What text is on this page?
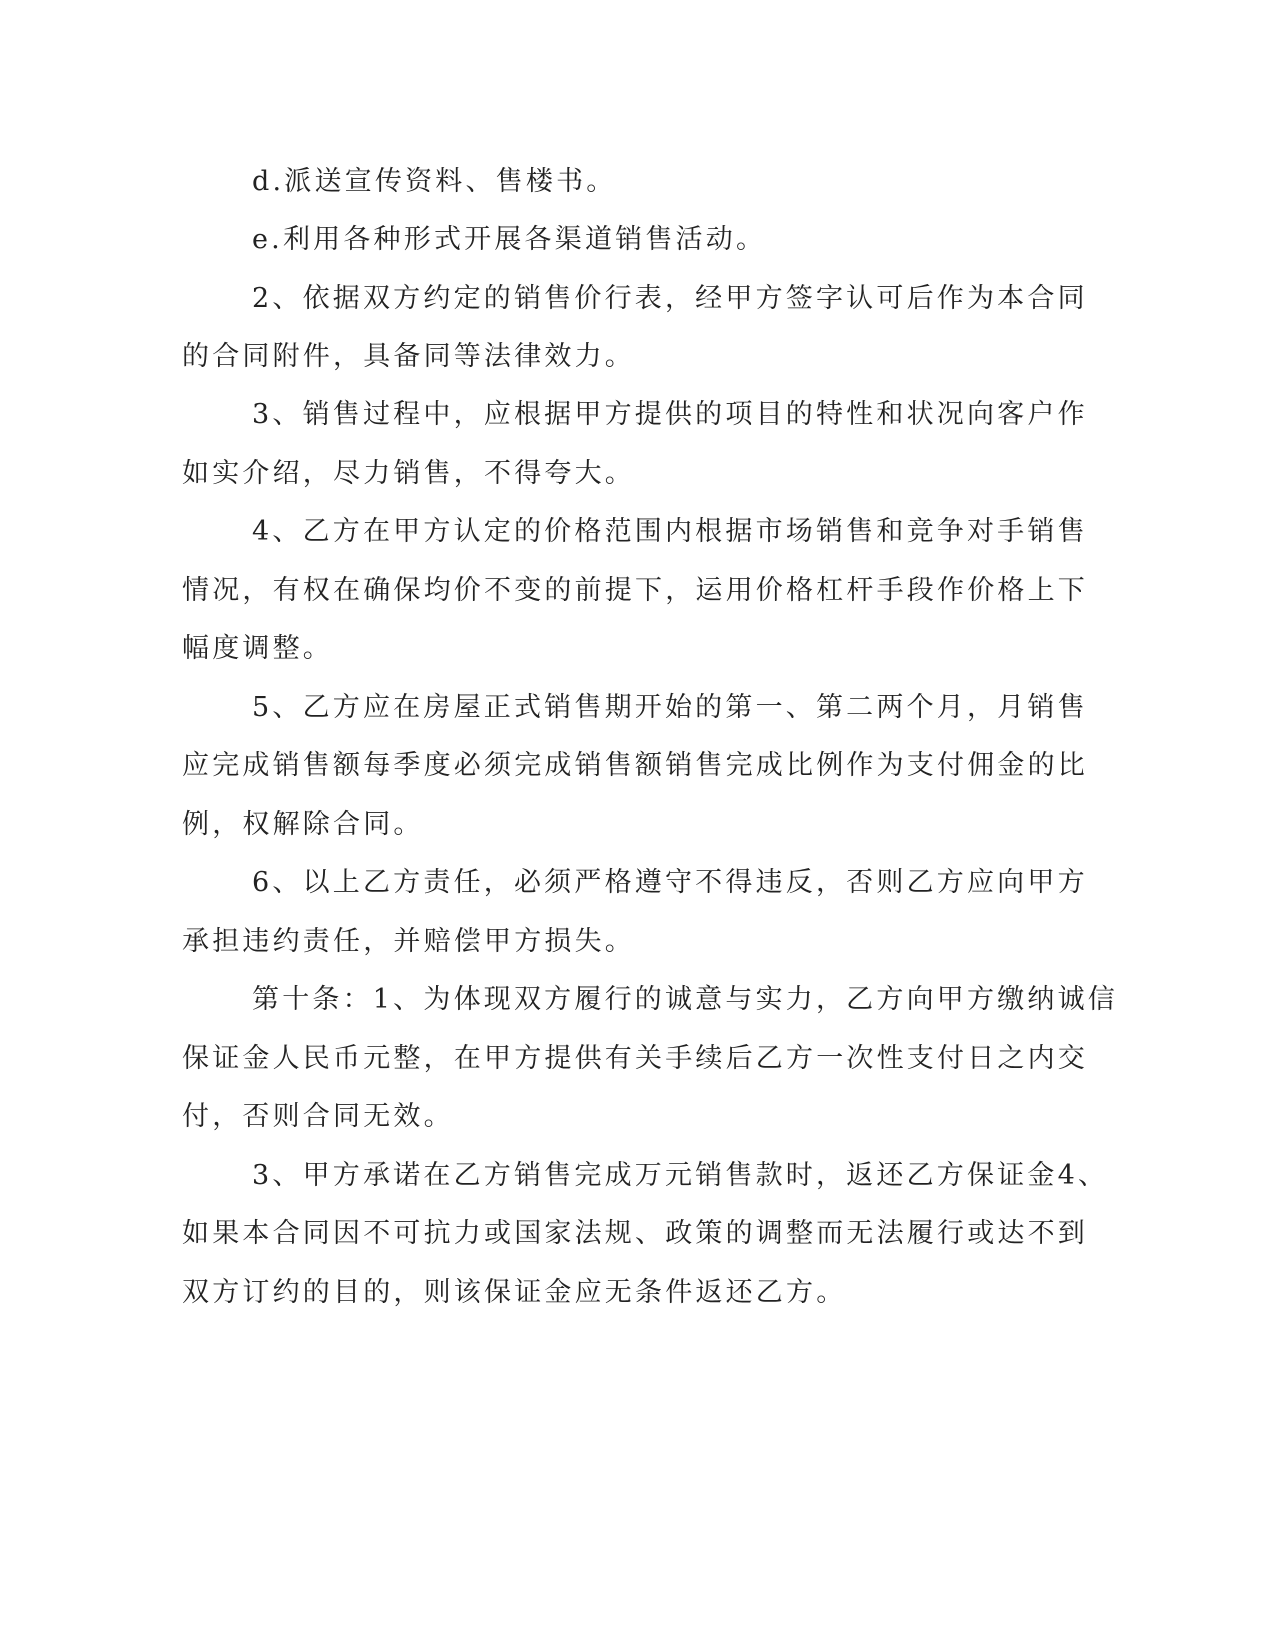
d.派送宣传资料、售楼书。
e.利用各种形式开展各渠道销售活动。
2、依据双方约定的销售价行表，经甲方签字认可后作为本合同
的合同附件，具备同等法律效力。
3、销售过程中，应根据甲方提供的项目的特性和状况向客户作
如实介绍，尽力销售，不得夸大。
4、乙方在甲方认定的价格范围内根据市场销售和竞争对手销售
情况，有权在确保均价不变的前提下，运用价格杠杆手段作价格上下
幅度调整。
5、乙方应在房屋正式销售期开始的第一、第二两个月，月销售
应完成销售额每季度必须完成销售额销售完成比例作为支付佣金的比
例，权解除合同。
6、以上乙方责任，必须严格遵守不得违反，否则乙方应向甲方
承担违约责任，并赔偿甲方损失。
第十条：1、为体现双方履行的诚意与实力，乙方向甲方缴纳诚信
保证金人民币元整，在甲方提供有关手续后乙方一次性支付日之内交
付，否则合同无效。
3、甲方承诺在乙方销售完成万元销售款时，返还乙方保证金4、
如果本合同因不可抗力或国家法规、政策的调整而无法履行或达不到
双方订约的目的，则该保证金应无条件返还乙方。
